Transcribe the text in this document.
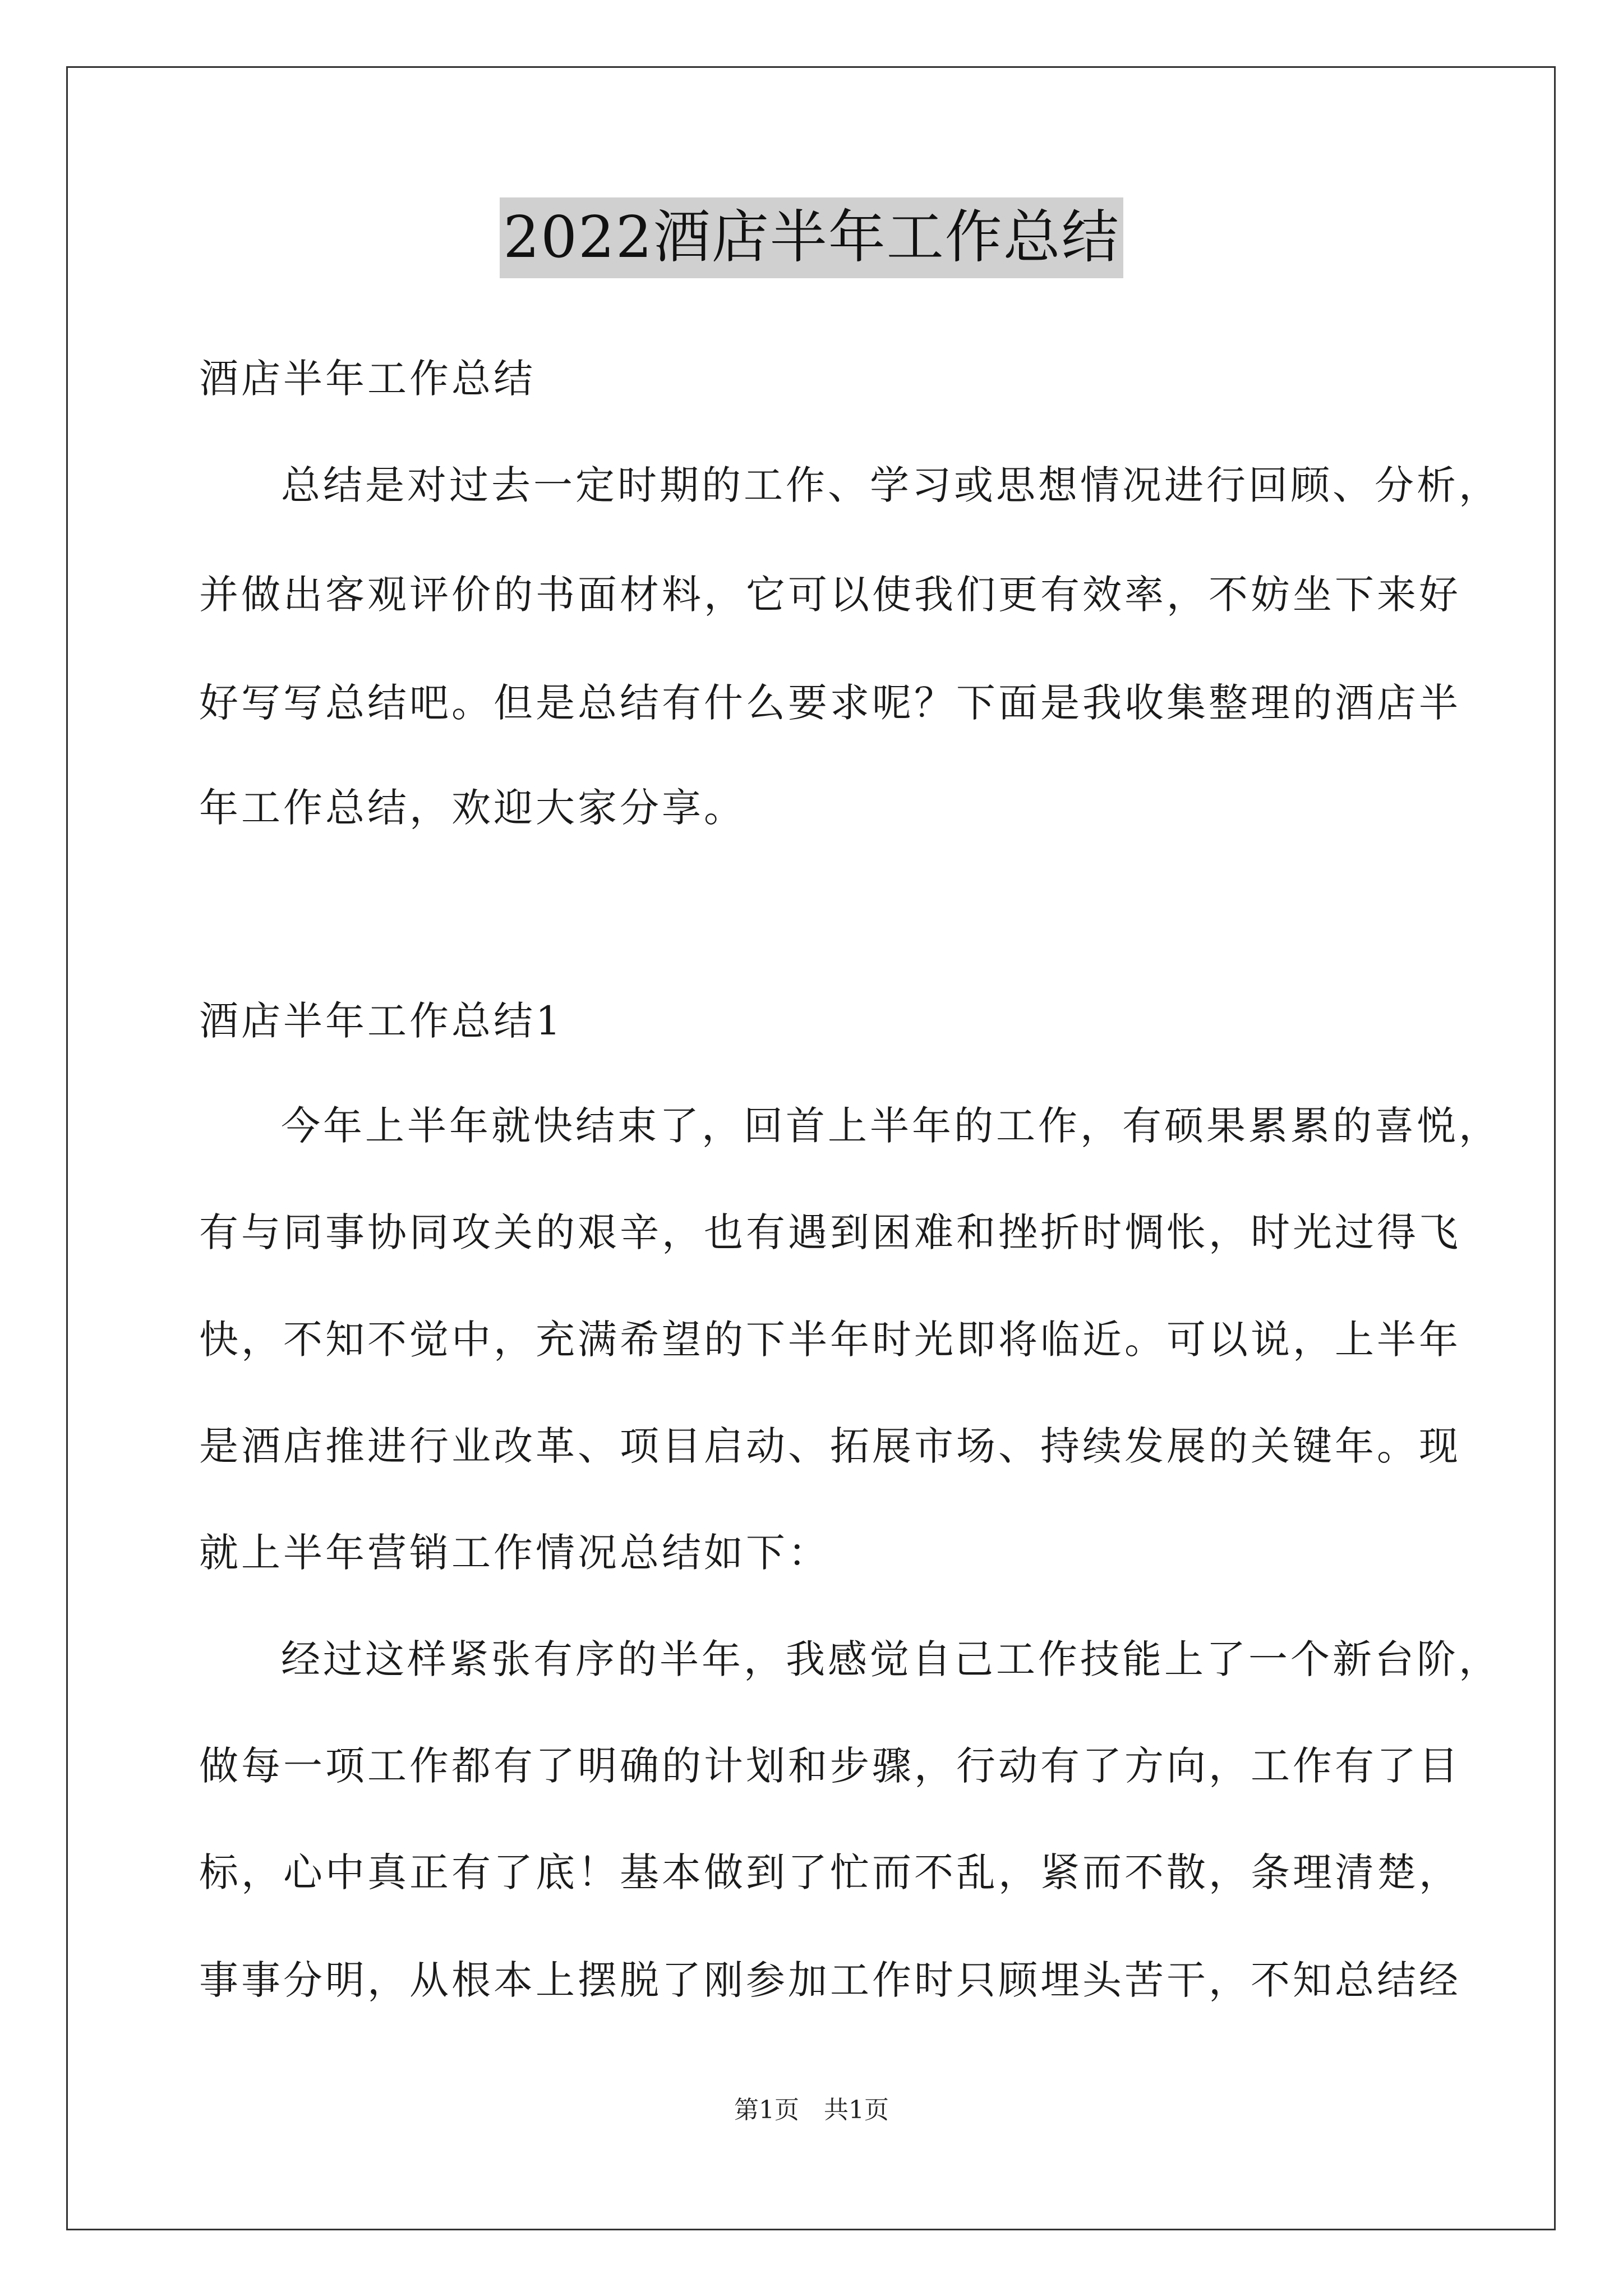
2022酒店半年工作总结
酒店半年工作总结
总结是对过去一定时期的工作、学习或思想情况进行回顾、分析，
并做出客观评价的书面材料，它可以使我们更有效率，不妨坐下来好
好写写总结吧。但是总结有什么要求呢？下面是我收集整理的酒店半
年工作总结，欢迎大家分享。
酒店半年工作总结1
今年上半年就快结束了，回首上半年的工作，有硕果累累的喜悦，
有与同事协同攻关的艰辛，也有遇到困难和挫折时惆怅，时光过得飞
快，不知不觉中，充满希望的下半年时光即将临近。可以说，上半年
是酒店推进行业改革、项目启动、拓展市场、持续发展的关键年。现
就上半年营销工作情况总结如下：
经过这样紧张有序的半年，我感觉自己工作技能上了一个新台阶，
做每一项工作都有了明确的计划和步骤，行动有了方向，工作有了目
标，心中真正有了底！基本做到了忙而不乱，紧而不散，条理清楚，
事事分明，从根本上摆脱了刚参加工作时只顾埋头苦干，不知总结经
第1页　共1页
